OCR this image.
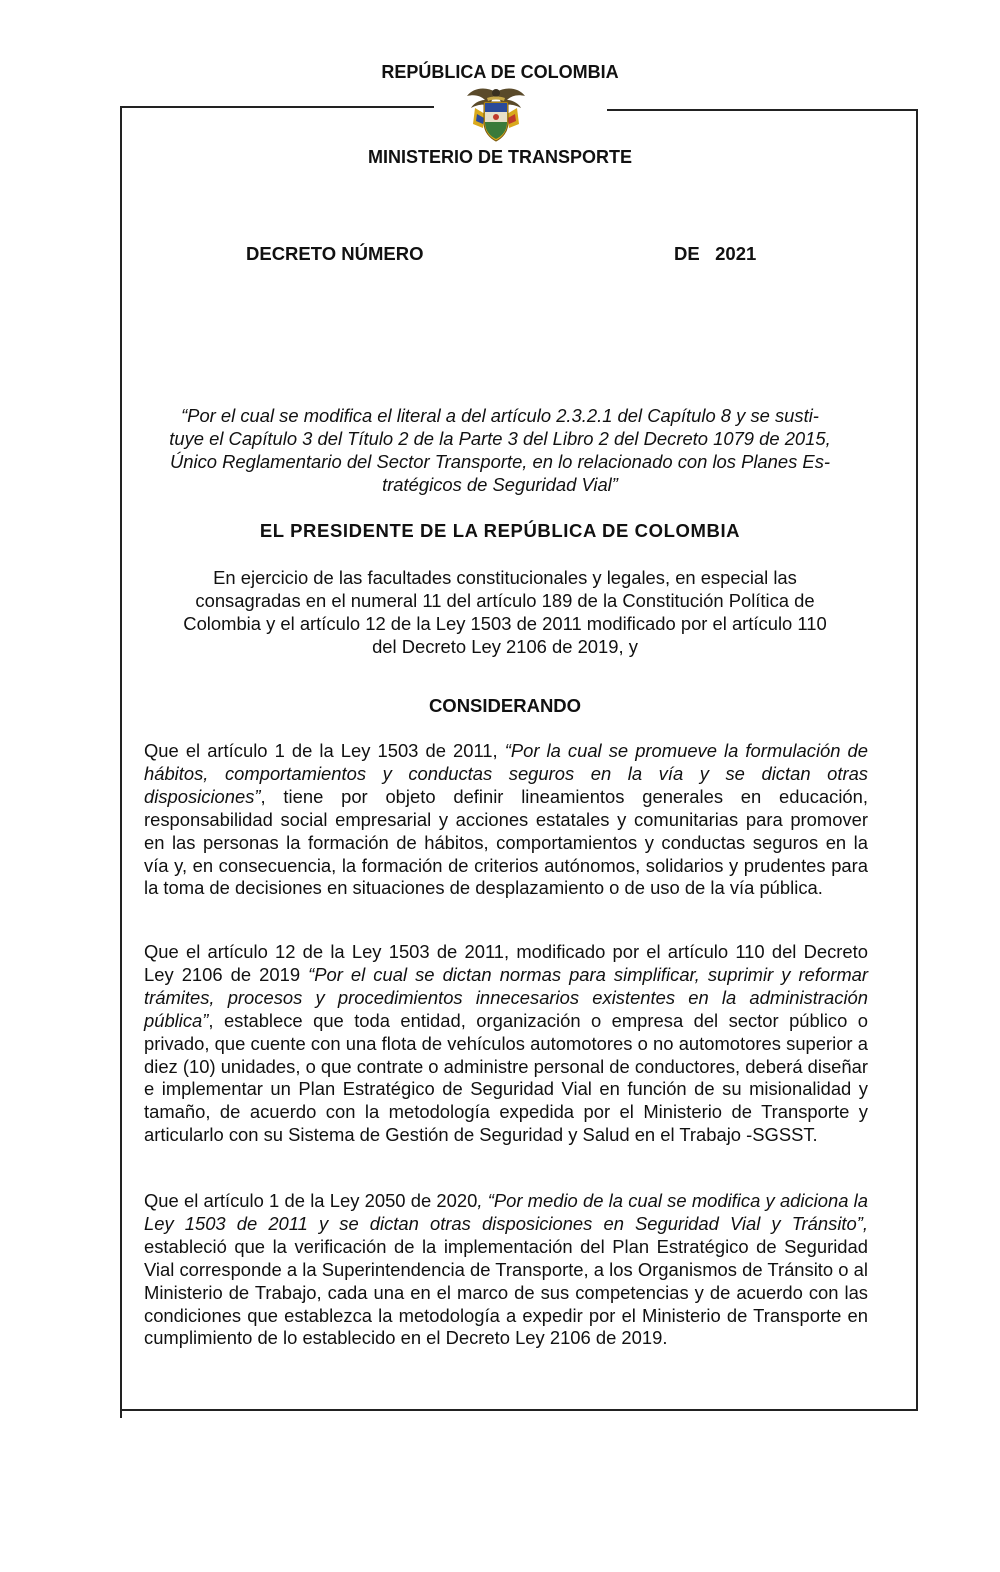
REPÚBLICA DE COLOMBIA
MINISTERIO DE TRANSPORTE
DECRETO NÚMERO	DE   2021
“Por el cual se modifica el literal a del artículo 2.3.2.1 del Capítulo 8 y se susti-
tuye el Capítulo 3 del Título 2 de la Parte 3 del Libro 2 del Decreto 1079 de 2015,
Único Reglamentario del Sector Transporte, en lo relacionado con los Planes Es-
tratégicos de Seguridad Vial”
EL PRESIDENTE DE LA REPÚBLICA DE COLOMBIA
En ejercicio de las facultades constitucionales y legales, en especial las
consagradas en el numeral 11 del artículo 189 de la Constitución Política de
Colombia y el artículo 12 de la Ley 1503 de 2011 modificado por el artículo 110
del Decreto Ley 2106 de 2019, y
CONSIDERANDO
Que el artículo 1 de la Ley 1503 de 2011, “Por la cual se promueve la formulación de hábitos, comportamientos y conductas seguros en la vía y se dictan otras disposiciones”, tiene por objeto definir lineamientos generales en educación, responsabilidad social empresarial y acciones estatales y comunitarias para promover en las personas la formación de hábitos, comportamientos y conductas seguros en la vía y, en consecuencia, la formación de criterios autónomos, solidarios y prudentes para la toma de decisiones en situaciones de desplazamiento o de uso de la vía pública.
Que el artículo 12 de la Ley 1503 de 2011, modificado por el artículo 110 del Decreto Ley 2106 de 2019 “Por el cual se dictan normas para simplificar, suprimir y reformar trámites, procesos y procedimientos innecesarios existentes en la administración pública”, establece que toda entidad, organización o empresa del sector público o privado, que cuente con una flota de vehículos automotores o no automotores superior a diez (10) unidades, o que contrate o administre personal de conductores, deberá diseñar e implementar un Plan Estratégico de Seguridad Vial en función de su misionalidad y tamaño, de acuerdo con la metodología expedida por el Ministerio de Transporte y articularlo con su Sistema de Gestión de Seguridad y Salud en el Trabajo -SGSST.
Que el artículo 1 de la Ley 2050 de 2020, “Por medio de la cual se modifica y adiciona la Ley 1503 de 2011 y se dictan otras disposiciones en Seguridad Vial y Tránsito”, estableció que la verificación de la implementación del Plan Estratégico de Seguridad Vial corresponde a la Superintendencia de Transporte, a los Organismos de Tránsito o al Ministerio de Trabajo, cada una en el marco de sus competencias y de acuerdo con las condiciones que establezca la metodología a expedir por el Ministerio de Transporte en cumplimiento de lo establecido en el Decreto Ley 2106 de 2019.
